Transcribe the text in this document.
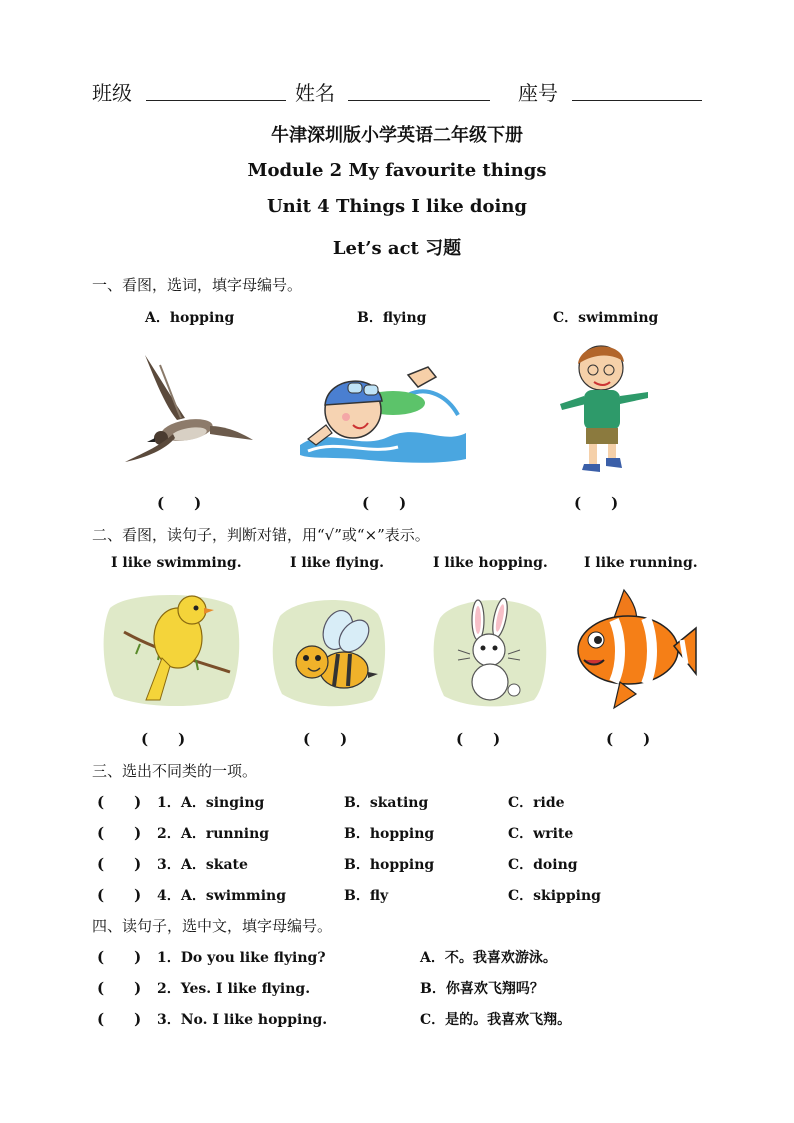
班级	姓名	座号
牛津深圳版小学英语二年级下册
Module 2 My favourite things
Unit 4 Things I like doing
Let’s act 习题
一、看图，选词，填字母编号。
A．hopping	B．flying	C．swimming
(　　)	(　　)	(　　)
二、看图，读句子，判断对错，用“√”或“×”表示。
I like swimming.	I like flying.	I like hopping.	I like running.
(　　)	(　　)	(　　)	(　　)
三、选出不同类的一项。
(　　) 1． A．singing	B．skating	C．ride
(　　) 2． A．running	B．hopping	C．write
(　　) 3． A．skate	B．hopping	C．doing
(　　) 4． A．swimming	B．fly	C．skipping
四、读句子，选中文，填字母编号。
(　　) 1．Do you like flying?	A．不。我喜欢游泳。
(　　) 2．Yes. I like flying.	B．你喜欢飞翔吗？
(　　) 3．No. I like hopping.	C．是的。我喜欢飞翔。
